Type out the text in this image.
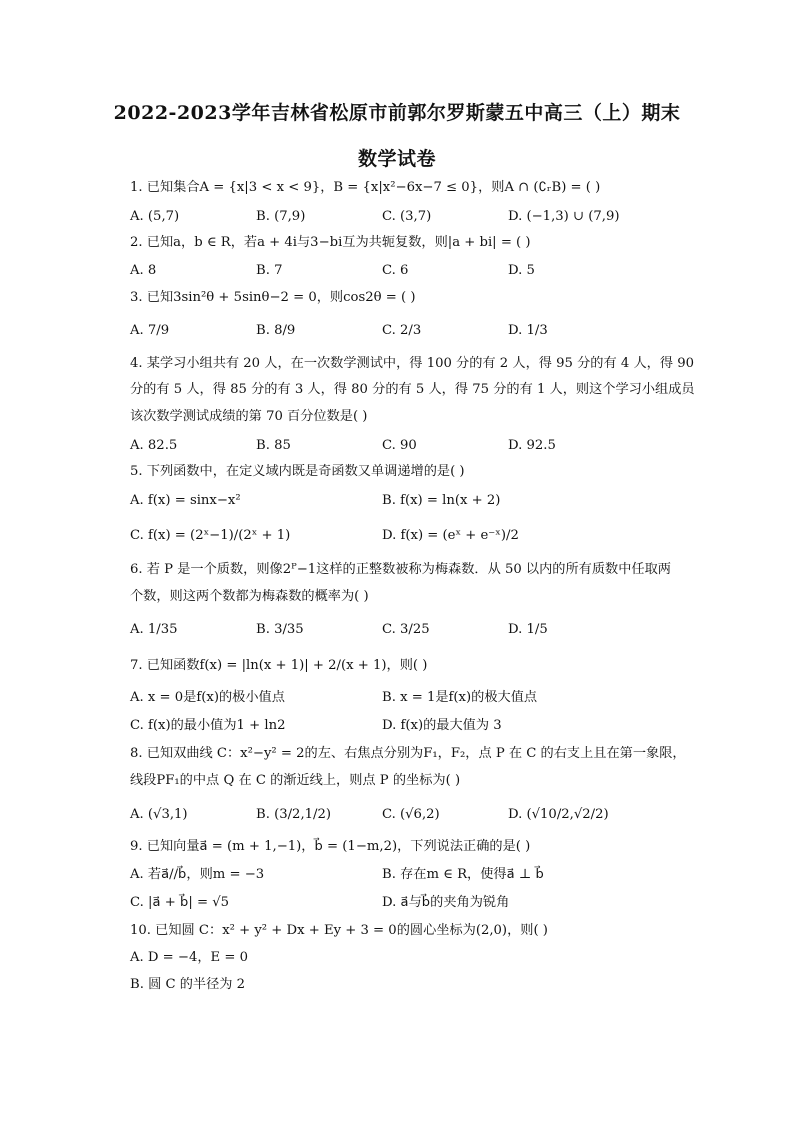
2022-2023学年吉林省松原市前郭尔罗斯蒙五中高三（上）期末
数学试卷
1. 已知集合A = {x|3 < x < 9}，B = {x|x²−6x−7 ≤ 0}，则A ∩ (∁ᵣB) = ( )
A. (5,7)	B. (7,9)	C. (3,7)	D. (−1,3) ∪ (7,9)
2. 已知a，b ∈ R，若a + 4i与3−bi互为共轭复数，则|a + bi| = ( )
A. 8	B. 7	C. 6	D. 5
3. 已知3sin²θ + 5sinθ−2 = 0，则cos2θ = ( )
A. 7/9	B. 8/9	C. 2/3	D. 1/3
4. 某学习小组共有 20 人，在一次数学测试中，得 100 分的有 2 人，得 95 分的有 4 人，得 90
分的有 5 人，得 85 分的有 3 人，得 80 分的有 5 人，得 75 分的有 1 人，则这个学习小组成员
该次数学测试成绩的第 70 百分位数是( )
A. 82.5	B. 85	C. 90	D. 92.5
5. 下列函数中，在定义域内既是奇函数又单调递增的是( )
A. f(x) = sinx−x²	B. f(x) = ln(x + 2)
C. f(x) = (2ˣ−1)/(2ˣ + 1)	D. f(x) = (eˣ + e⁻ˣ)/2
6. 若 P 是一个质数，则像2ᴾ−1这样的正整数被称为梅森数．从 50 以内的所有质数中任取两
个数，则这两个数都为梅森数的概率为( )
A. 1/35	B. 3/35	C. 3/25	D. 1/5
7. 已知函数f(x) = |ln(x + 1)| + 2/(x + 1)，则( )
A. x = 0是f(x)的极小值点	B. x = 1是f(x)的极大值点
C. f(x)的最小值为1 + ln2	D. f(x)的最大值为 3
8. 已知双曲线 C：x²−y² = 2的左、右焦点分别为F₁，F₂，点 P 在 C 的右支上且在第一象限，
线段PF₁的中点 Q 在 C 的渐近线上，则点 P 的坐标为( )
A. (√3,1)	B. (3/2,1/2)	C. (√6,2)	D. (√10/2,√2/2)
9. 已知向量a⃗ = (m + 1,−1)，b⃗ = (1−m,2)，下列说法正确的是( )
A. 若a⃗//b⃗，则m = −3	B. 存在m ∈ R，使得a⃗ ⊥ b⃗
C. |a⃗ + b⃗| = √5	D. a⃗与b⃗的夹角为锐角
10. 已知圆 C：x² + y² + Dx + Ey + 3 = 0的圆心坐标为(2,0)，则( )
A. D = −4，E = 0
B. 圆 C 的半径为 2
